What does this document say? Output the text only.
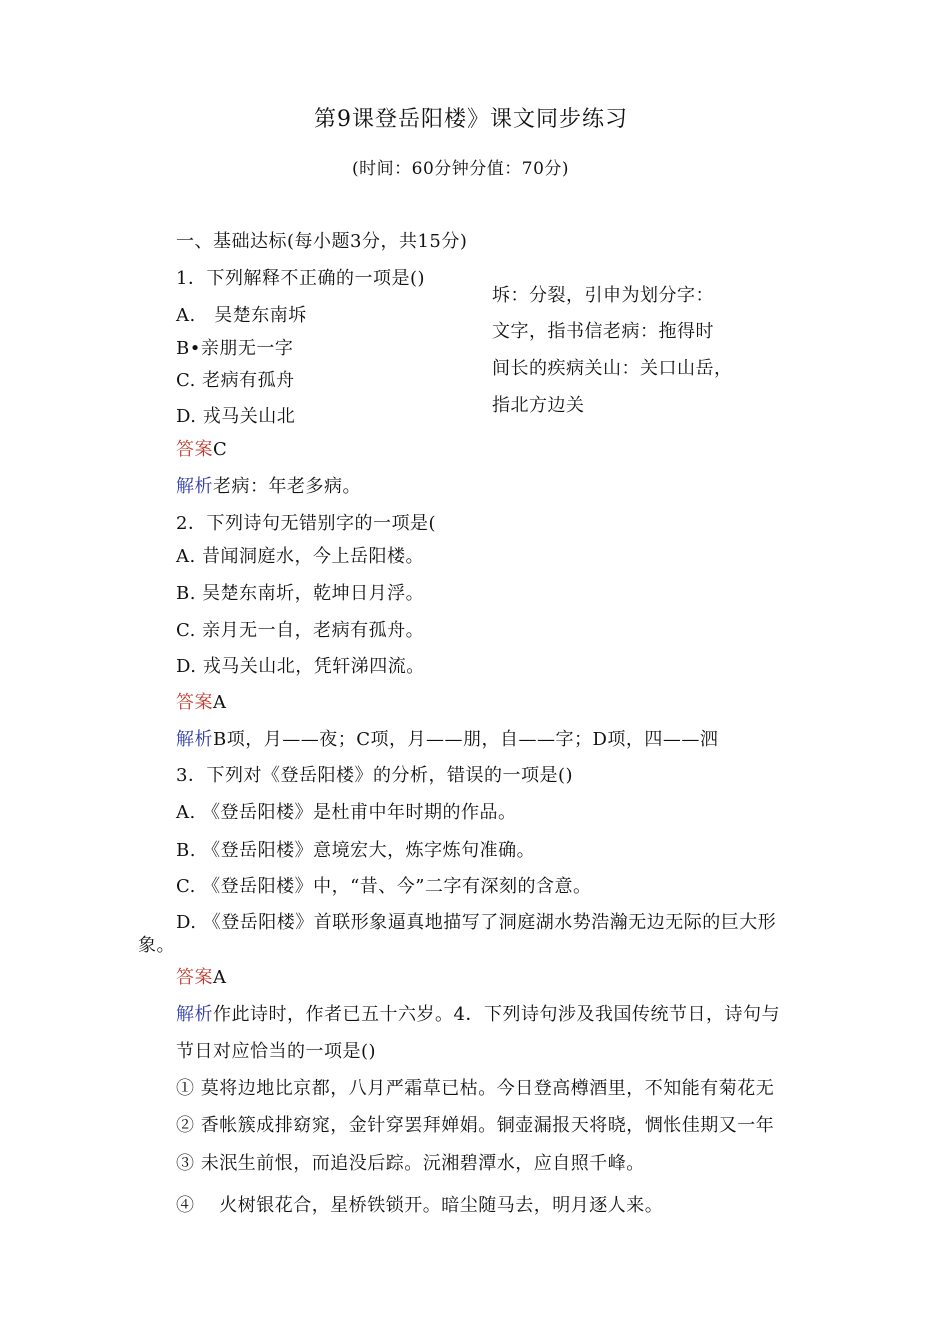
第9课登岳阳楼》课文同步练习
(时间：60分钟分值：70分)
一、基础达标(每小题3分，共15分)
1．下列解释不正确的一项是()
A.　吴楚东南坼
B•亲朋无一字
C. 老病有孤舟
D. 戎马关山北
坼：分裂，引申为划分字：
文字，指书信老病：拖得时
间长的疾病关山：关口山岳，
指北方边关
答案C
解析老病：年老多病。
2．下列诗句无错别字的一项是(
A. 昔闻洞庭水，今上岳阳楼。
B. 吴楚东南圻，乾坤日月浮。
C. 亲月无一自，老病有孤舟。
D. 戎马关山北，凭轩涕四流。
答案A
解析B项，月——夜；C项，月——朋，自——字；D项，四——泗
3．下列对《登岳阳楼》的分析，错误的一项是()
A. 《登岳阳楼》是杜甫中年时期的作品。
B. 《登岳阳楼》意境宏大，炼字炼句准确。
C. 《登岳阳楼》中，“昔、今”二字有深刻的含意。
D. 《登岳阳楼》首联形象逼真地描写了洞庭湖水势浩瀚无边无际的巨大形
象。
答案A
解析作此诗时，作者已五十六岁。4．下列诗句涉及我国传统节日，诗句与
节日对应恰当的一项是()
① 莫将边地比京都，八月严霜草已枯。今日登高樽酒里，不知能有菊花无
② 香帐簇成排窈窕，金针穿罢拜婵娟。铜壶漏报天将晓，惆怅佳期又一年
③ 未泯生前恨，而追没后踪。沅湘碧潭水，应自照千峰。
④　 火树银花合，星桥铁锁开。暗尘随马去，明月逐人来。
